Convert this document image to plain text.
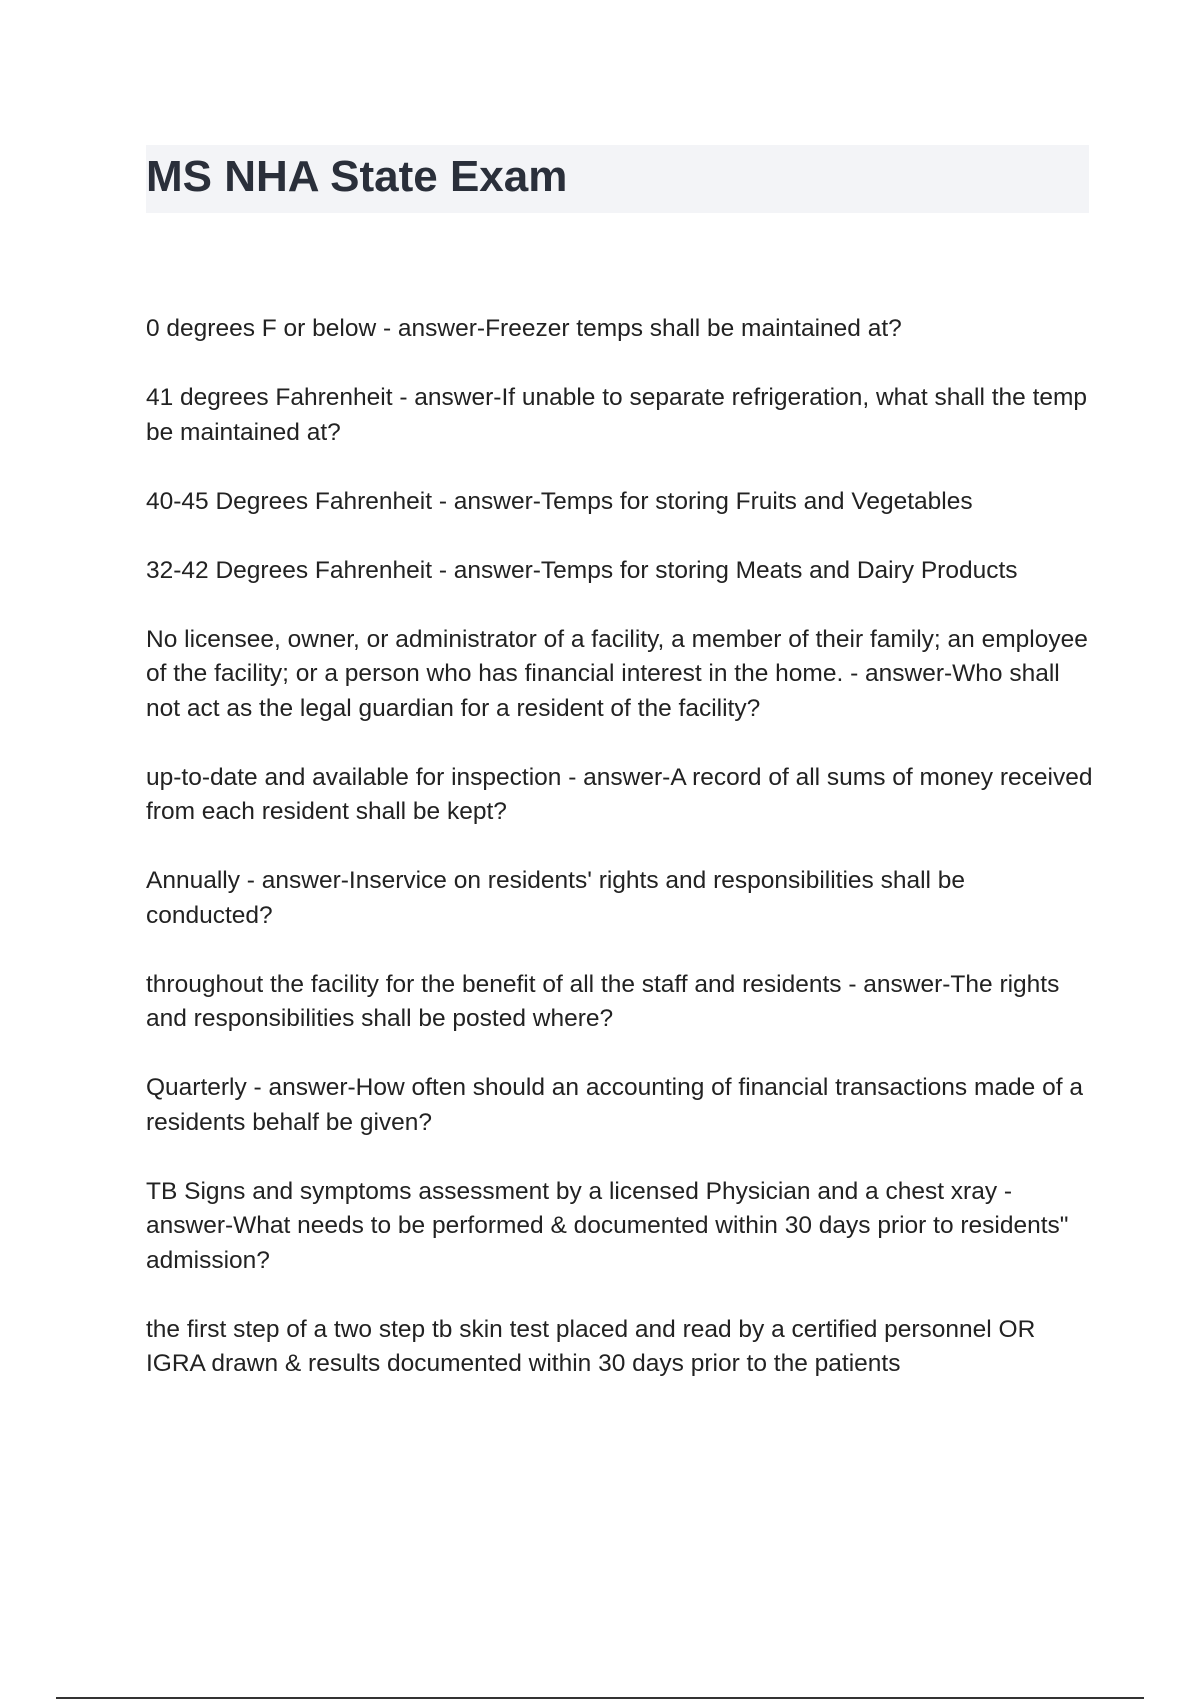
MS NHA State Exam
0 degrees F or below - answer-Freezer temps shall be maintained at?
41 degrees Fahrenheit - answer-If unable to separate refrigeration, what shall the temp be maintained at?
40-45 Degrees Fahrenheit - answer-Temps for storing Fruits and Vegetables
32-42 Degrees Fahrenheit - answer-Temps for storing Meats and Dairy Products
No licensee, owner, or administrator of a facility, a member of their family; an employee of the facility; or a person who has financial interest in the home. - answer-Who shall not act as the legal guardian for a resident of the facility?
up-to-date and available for inspection - answer-A record of all sums of money received from each resident shall be kept?
Annually - answer-Inservice on residents' rights and responsibilities shall be conducted?
throughout the facility for the benefit of all the staff and residents - answer-The rights and responsibilities shall be posted where?
Quarterly - answer-How often should an accounting of financial transactions made of a residents behalf be given?
TB Signs and symptoms assessment by a licensed Physician and a chest xray - answer-What needs to be performed & documented within 30 days prior to residents" admission?
the first step of a two step tb skin test placed and read by a certified personnel OR IGRA drawn & results documented within 30 days prior to the patients
